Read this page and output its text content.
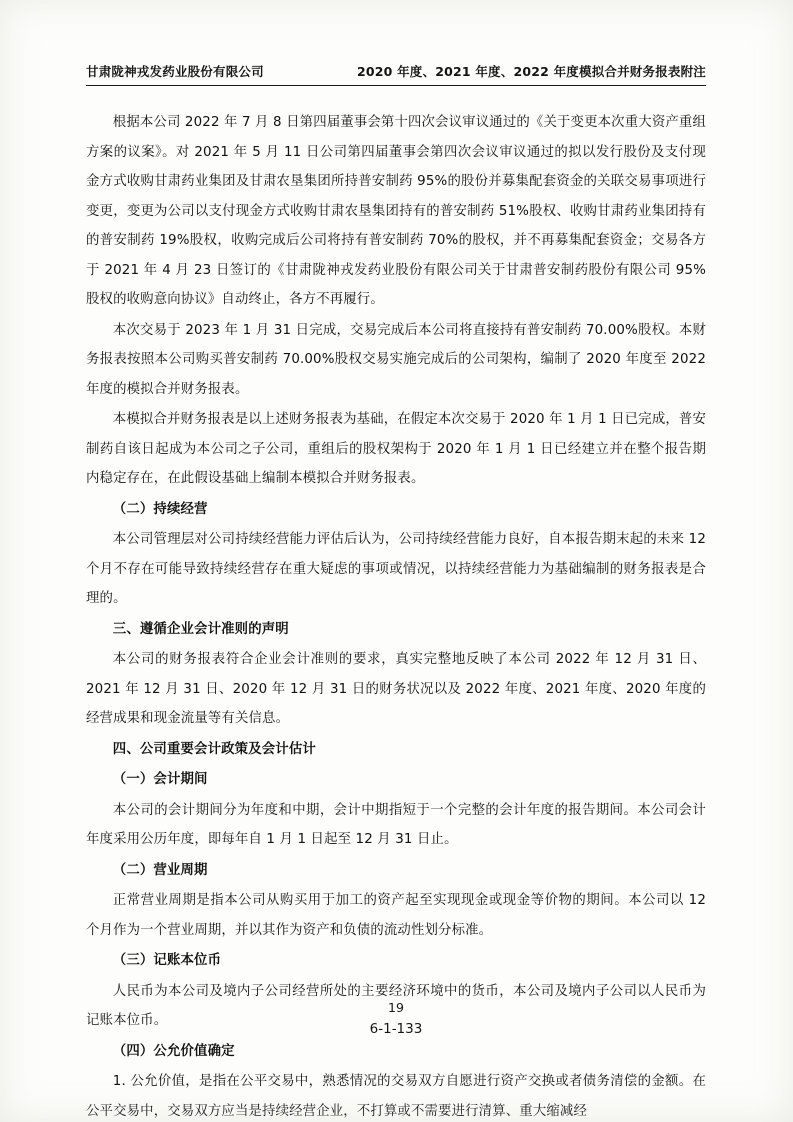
甘肃陇神戎发药业股份有限公司	2020 年度、2021 年度、2022 年度模拟合并财务报表附注

根据本公司 2022 年 7 月 8 日第四届董事会第十四次会议审议通过的《关于变更本次重大资产重组方案的议案》。对 2021 年 5 月 11 日公司第四届董事会第四次会议审议通过的拟以发行股份及支付现金方式收购甘肃药业集团及甘肃农垦集团所持普安制药 95%的股份并募集配套资金的关联交易事项进行变更，变更为公司以支付现金方式收购甘肃农垦集团持有的普安制药 51%股权、收购甘肃药业集团持有的普安制药 19%股权，收购完成后公司将持有普安制药 70%的股权，并不再募集配套资金；交易各方于 2021 年 4 月 23 日签订的《甘肃陇神戎发药业股份有限公司关于甘肃普安制药股份有限公司 95%股权的收购意向协议》自动终止，各方不再履行。

本次交易于 2023 年 1 月 31 日完成，交易完成后本公司将直接持有普安制药 70.00%股权。本财务报表按照本公司购买普安制药 70.00%股权交易实施完成后的公司架构，编制了 2020 年度至 2022 年度的模拟合并财务报表。

本模拟合并财务报表是以上述财务报表为基础，在假定本次交易于 2020 年 1 月 1 日已完成，普安制药自该日起成为本公司之子公司，重组后的股权架构于 2020 年 1 月 1 日已经建立并在整个报告期内稳定存在，在此假设基础上编制本模拟合并财务报表。

（二）持续经营

本公司管理层对公司持续经营能力评估后认为，公司持续经营能力良好，自本报告期末起的未来 12 个月不存在可能导致持续经营存在重大疑虑的事项或情况，以持续经营能力为基础编制的财务报表是合理的。

三、遵循企业会计准则的声明

本公司的财务报表符合企业会计准则的要求，真实完整地反映了本公司 2022 年 12 月 31 日、2021 年 12 月 31 日、2020 年 12 月 31 日的财务状况以及 2022 年度、2021 年度、2020 年度的经营成果和现金流量等有关信息。

四、公司重要会计政策及会计估计

（一）会计期间

本公司的会计期间分为年度和中期，会计中期指短于一个完整的会计年度的报告期间。本公司会计年度采用公历年度，即每年自 1 月 1 日起至 12 月 31 日止。

（二）营业周期

正常营业周期是指本公司从购买用于加工的资产起至实现现金或现金等价物的期间。本公司以 12 个月作为一个营业周期，并以其作为资产和负债的流动性划分标准。

（三）记账本位币

人民币为本公司及境内子公司经营所处的主要经济环境中的货币，本公司及境内子公司以人民币为记账本位币。

（四）公允价值确定

1. 公允价值，是指在公平交易中，熟悉情况的交易双方自愿进行资产交换或者债务清偿的金额。在公平交易中，交易双方应当是持续经营企业，不打算或不需要进行清算、重大缩减经

19
6-1-133
